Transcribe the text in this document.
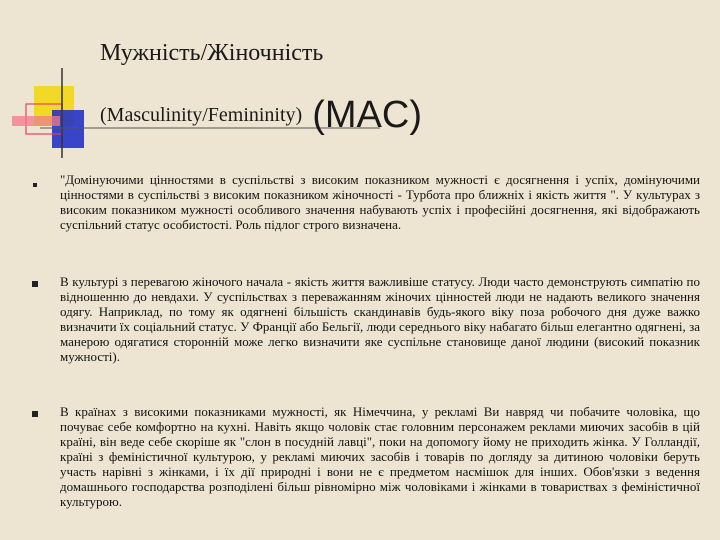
Мужність/Жіночність
(Masculinity/Femininity) (MAC)

"Домінуючими цінностями в суспільстві з високим показником мужності є досягнення і успіх, домінуючими цінностями в суспільстві з високим показником жіночності - Турбота про ближніх і якість життя ". У культурах з високим показником мужності особливого значення набувають успіх і професійні досягнення, які відображають суспільний статус особистості. Роль підлог строго визначена.

В культурі з перевагою жіночого начала - якість життя важливіше статусу. Люди часто демонструють симпатію по відношенню до невдахи. У суспільствах з переважанням жіночих цінностей люди не надають великого значення одягу. Наприклад, по тому як одягнені більшість скандинавів будь-якого віку поза робочого дня дуже важко визначити їх соціальний статус. У Франції або Бельгії, люди середнього віку набагато більш елегантно одягнені, за манерою одягатися сторонній може легко визначити яке суспільне становище даної людини (високий показник мужності).

В країнах з високими показниками мужності, як Німеччина, у рекламі Ви навряд чи побачите чоловіка, що почуває себе комфортно на кухні. Навіть якщо чоловік стає головним персонажем реклами миючих засобів в цій країні, він веде себе скоріше як "слон в посудній лавці", поки на допомогу йому не приходить жінка. У Голландії, країні з феміністичної культурою, у рекламі миючих засобів і товарів по догляду за дитиною чоловіки беруть участь нарівні з жінками, і їх дії природні і вони не є предметом насмішок для інших. Обов'язки з ведення домашнього господарства розподілені більш рівномірно між чоловіками і жінками в товариствах з феміністичної культурою.
